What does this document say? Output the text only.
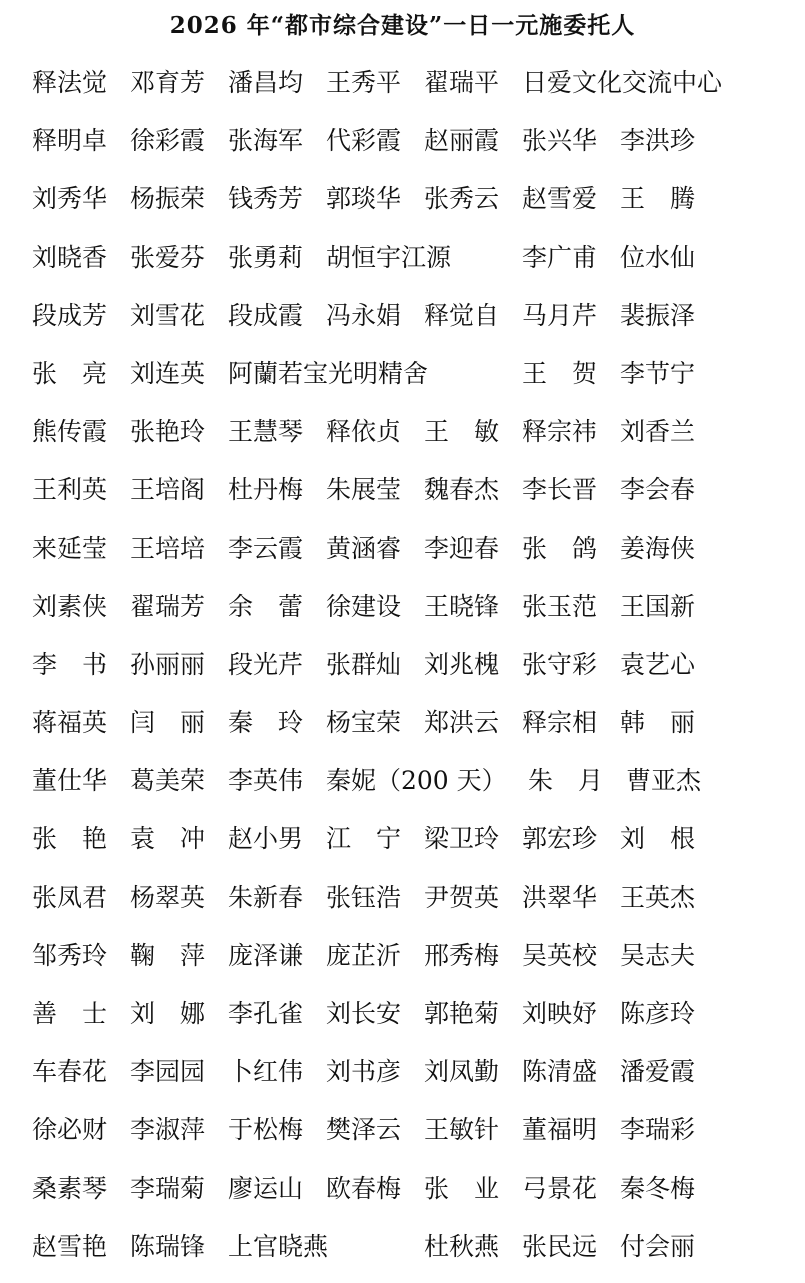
2026 年“都市综合建设”一日一元施委托人
释法觉 邓育芳 潘昌均 王秀平 翟瑞平 日爱文化交流中心
释明卓 徐彩霞 张海军 代彩霞 赵丽霞 张兴华 李洪珍
刘秀华 杨振荣 钱秀芳 郭琰华 张秀云 赵雪爱 王　腾
刘晓香 张爱芬 张勇莉 胡恒宇江源	李广甫 位水仙
段成芳 刘雪花 段成霞 冯永娟 释觉自 马月芹 裴振泽
张　亮 刘连英 阿蘭若宝光明精舍	王　贺 李节宁
熊传霞 张艳玲 王慧琴 释依贞 王　敏 释宗祎 刘香兰
王利英 王培阁 杜丹梅 朱展莹 魏春杰 李长晋 李会春
来延莹 王培培 李云霞 黄涵睿 李迎春 张　鸽 姜海侠
刘素侠 翟瑞芳 余　蕾 徐建设 王晓锋 张玉范 王国新
李　书 孙丽丽 段光芹 张群灿 刘兆槐 张守彩 袁艺心
蒋福英 闫　丽 秦　玲 杨宝荣 郑洪云 释宗相 韩　丽
董仕华 葛美荣 李英伟 秦妮（200 天） 朱　月 曹亚杰
张　艳 袁　冲 赵小男 江　宁 梁卫玲 郭宏珍 刘　根
张凤君 杨翠英 朱新春 张钰浩 尹贺英 洪翠华 王英杰
邹秀玲 鞠　萍 庞泽谦 庞芷沂 邢秀梅 吴英校 吴志夫
善　士 刘　娜 李孔雀 刘长安 郭艳菊 刘映妤 陈彦玲
车春花 李园园 卜红伟 刘书彦 刘凤勤 陈清盛 潘爱霞
徐必财 李淑萍 于松梅 樊泽云 王敏针 董福明 李瑞彩
桑素琴 李瑞菊 廖运山 欧春梅 张　业 弓景花 秦冬梅
赵雪艳 陈瑞锋 上官晓燕	杜秋燕 张民远 付会丽
